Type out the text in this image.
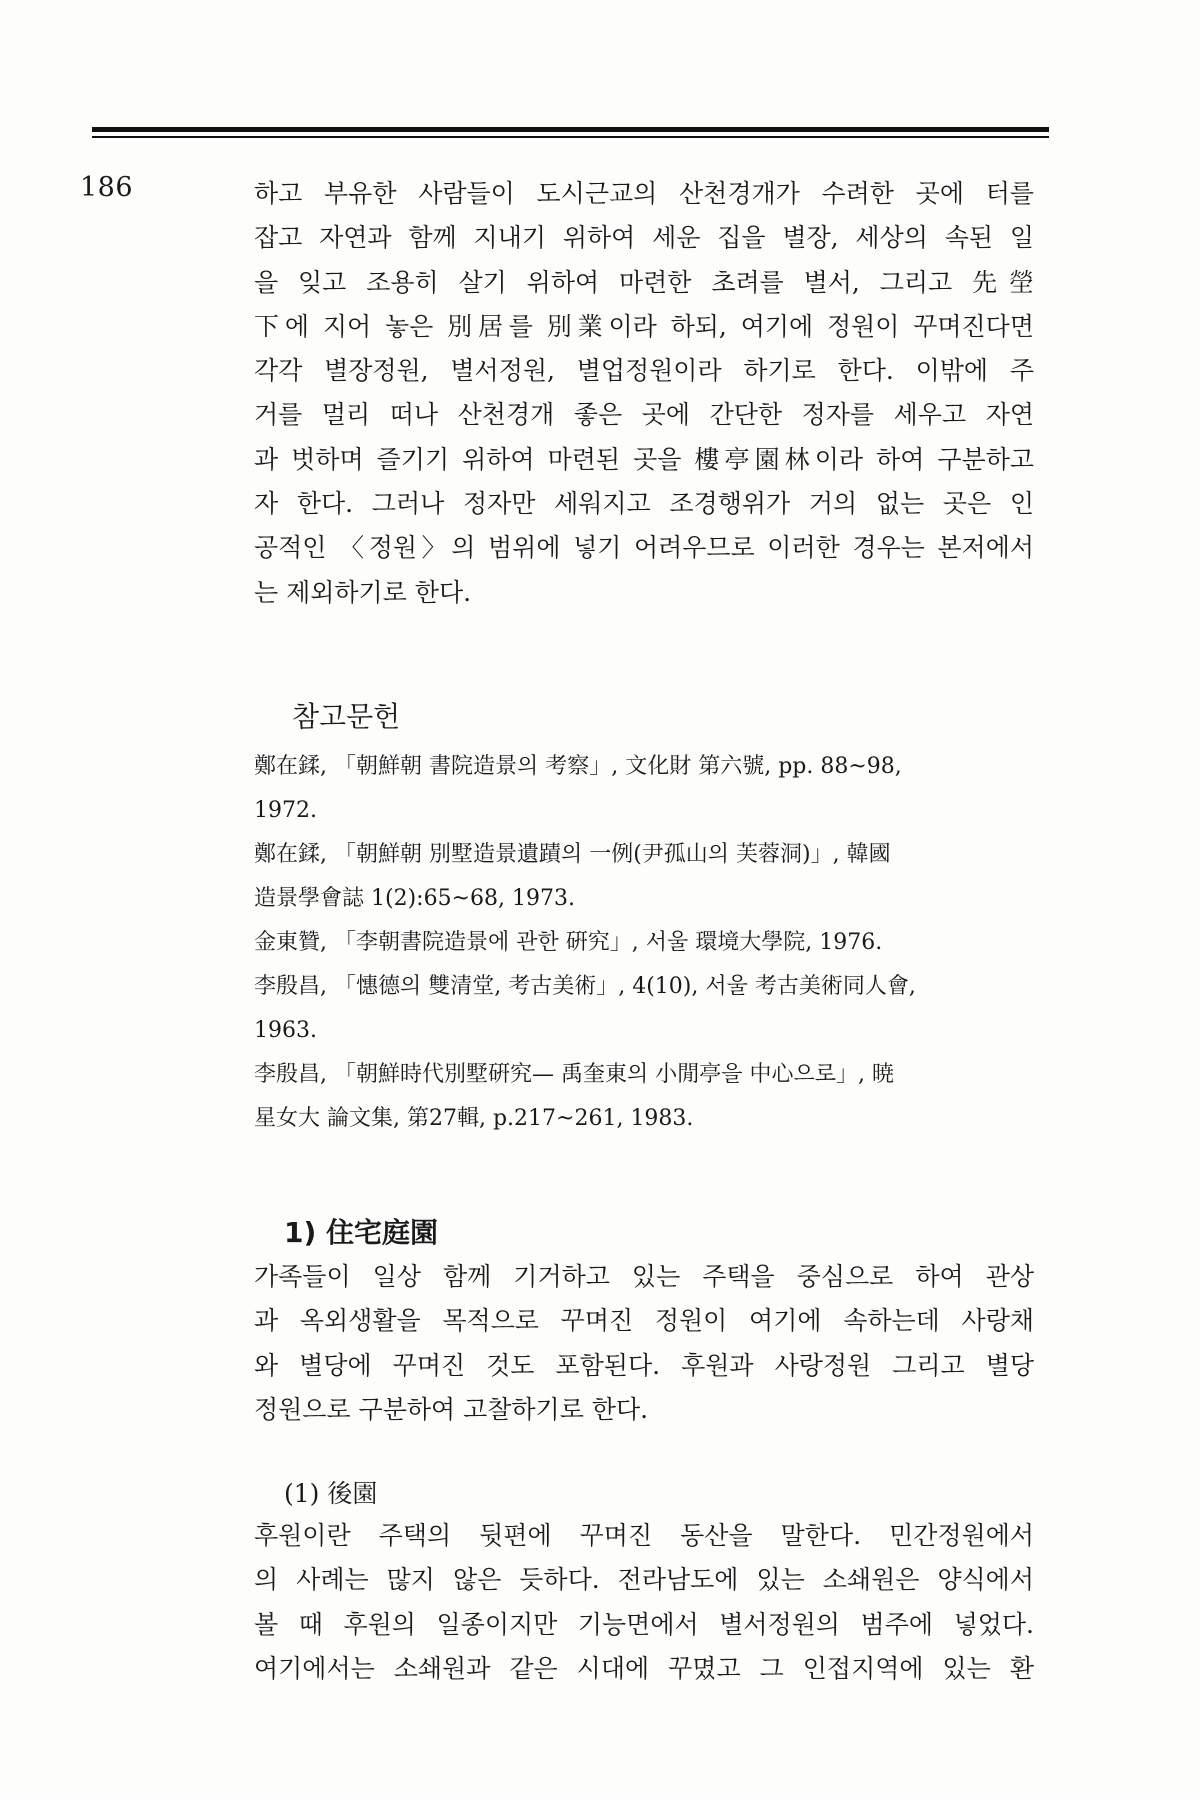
186	하고 부유한 사람들이 도시근교의 산천경개가 수려한 곳에 터를
잡고 자연과 함께 지내기 위하여 세운 집을 별장, 세상의 속된 일
을 잊고 조용히 살기 위하여 마련한 초려를 별서, 그리고 先塋
下에 지어 놓은 別居를 別業이라 하되, 여기에 정원이 꾸며진다면
각각 별장정원, 별서정원, 별업정원이라 하기로 한다. 이밖에 주
거를 멀리 떠나 산천경개 좋은 곳에 간단한 정자를 세우고 자연
과 벗하며 즐기기 위하여 마련된 곳을 樓亭園林이라 하여 구분하고
자 한다. 그러나 정자만 세워지고 조경행위가 거의 없는 곳은 인
공적인 〈정원〉의 범위에 넣기 어려우므로 이러한 경우는 본저에서
는 제외하기로 한다.

참고문헌

鄭在鍒, 「朝鮮朝 書院造景의 考察」, 文化財 第六號, pp. 88~98,
1972.
鄭在鍒, 「朝鮮朝 別墅造景遺蹟의 一例(尹孤山의 芙蓉洞)」, 韓國
造景學會誌 1(2):65~68, 1973.
金東贊, 「李朝書院造景에 관한 硏究」, 서울 環境大學院, 1976.
李殷昌, 「憓德의 雙清堂, 考古美術」, 4(10), 서울 考古美術同人會,
1963.
李殷昌, 「朝鮮時代別墅硏究— 禹奎東의 小閒亭을 中心으로」, 暁
星女大 論文集, 第27輯, p.217~261, 1983.

1) 住宅庭園

가족들이 일상 함께 기거하고 있는 주택을 중심으로 하여 관상
과 옥외생활을 목적으로 꾸며진 정원이 여기에 속하는데 사랑채
와 별당에 꾸며진 것도 포함된다. 후원과 사랑정원 그리고 별당
정원으로 구분하여 고찰하기로 한다.

(1) 後園

후원이란 주택의 뒷편에 꾸며진 동산을 말한다. 민간정원에서
의 사례는 많지 않은 듯하다. 전라남도에 있는 소쇄원은 양식에서
볼 때 후원의 일종이지만 기능면에서 별서정원의 범주에 넣었다.
여기에서는 소쇄원과 같은 시대에 꾸몄고 그 인접지역에 있는 환
